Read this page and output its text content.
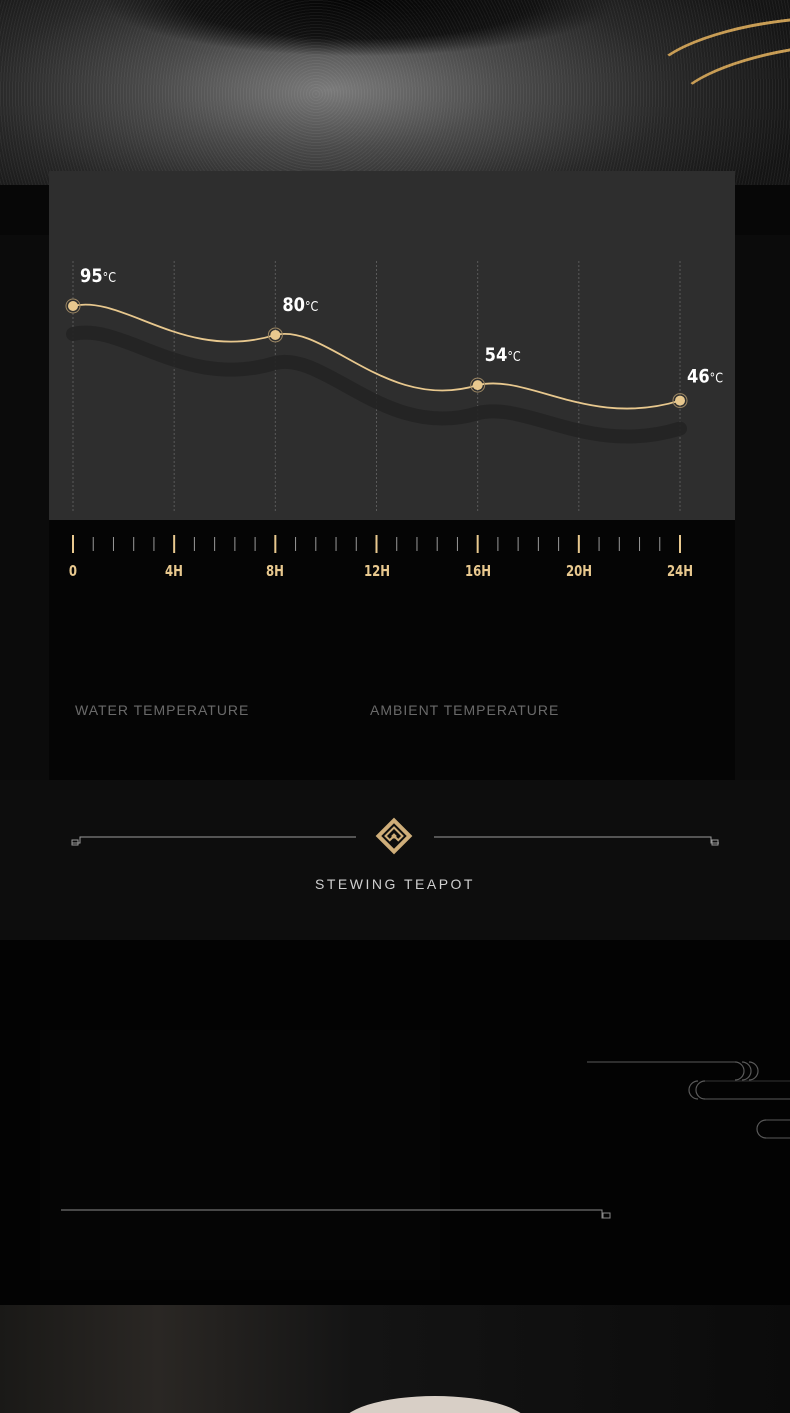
95°C
80°C
54°C
46°C
0	4H	8H	12H	16H	20H	24H
WATER TEMPERATURE	AMBIENT TEMPERATURE
STEWING TEAPOT
